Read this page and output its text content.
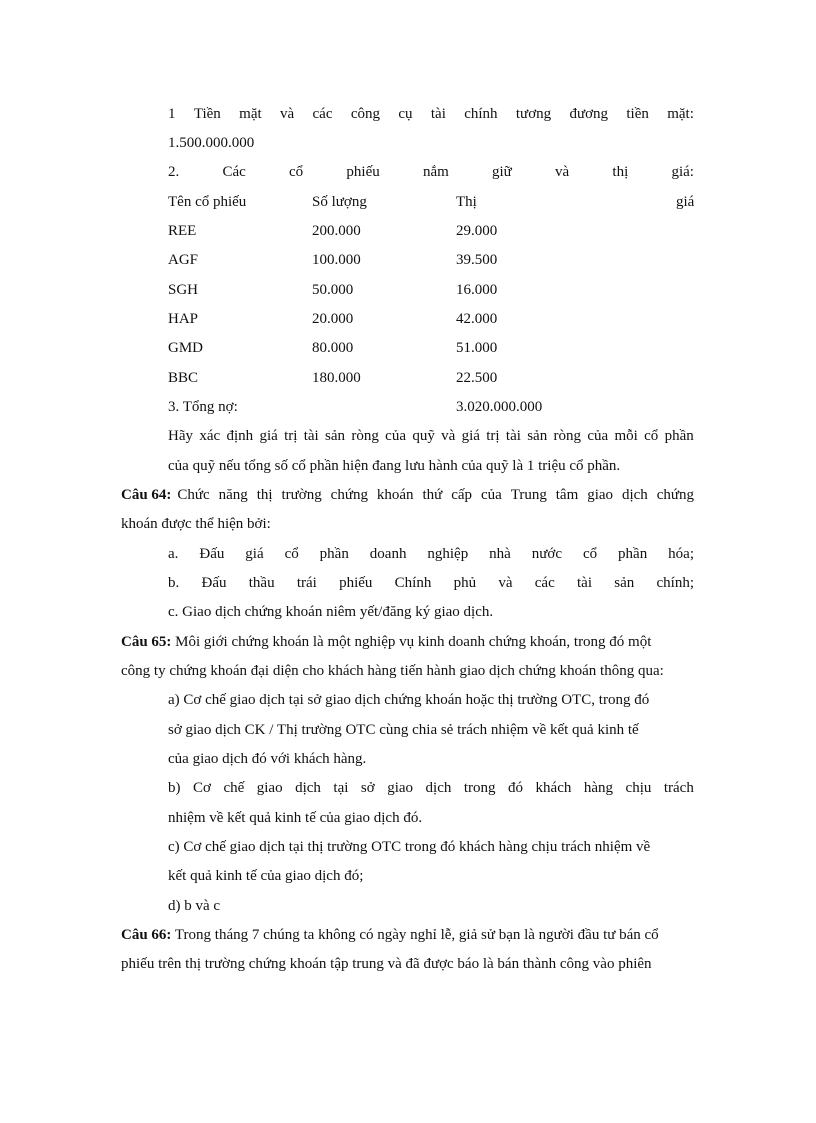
1 Tiền mặt và các công cụ tài chính tương đương tiền mặt:
1.500.000.000
2.	Các	cổ	phiếu	nắm	giữ	và	thị	giá:
Tên cổ phiếu	Số lượng	Thị	giá
REE	200.000	29.000
AGF	100.000	39.500
SGH	50.000	16.000
HAP	20.000	42.000
GMD	80.000	51.000
BBC	180.000	22.500
3. Tổng nợ:	3.020.000.000
Hãy xác định giá trị tài sản ròng của quỹ và giá trị tài sản ròng của mỗi cổ phần
của quỹ nếu tổng số cổ phần hiện đang lưu hành của quỹ là 1 triệu cổ phần.
Câu 64: Chức năng thị trường chứng khoán thứ cấp của Trung tâm giao dịch chứng
khoán được thể hiện bởi:
a. Đấu giá cổ phần doanh nghiệp nhà nước cổ phần hóa;
b. Đấu thầu trái phiếu Chính phủ và các tài sản chính;
c. Giao dịch chứng khoán niêm yết/đăng ký giao dịch.
Câu 65: Môi giới chứng khoán là một nghiệp vụ kinh doanh chứng khoán, trong đó một
công ty chứng khoán đại diện cho khách hàng tiến hành giao dịch chứng khoán thông qua:
a) Cơ chế giao dịch tại sở giao dịch chứng khoán hoặc thị trường OTC, trong đó
sở giao dịch CK / Thị trường OTC cùng chia sẻ trách nhiệm về kết quả kinh tế
của giao dịch đó với khách hàng.
b) Cơ chế giao dịch tại sở giao dịch trong đó khách hàng chịu trách
nhiệm về kết quả kinh tế của giao dịch đó.
c) Cơ chế giao dịch tại thị trường OTC trong đó khách hàng chịu trách nhiệm về
kết quả kinh tế của giao dịch đó;
d) b và c
Câu 66: Trong tháng 7 chúng ta không có ngày nghỉ lễ, giả sử bạn là người đầu tư bán cổ
phiếu trên thị trường chứng khoán tập trung và đã được báo là bán thành công vào phiên
